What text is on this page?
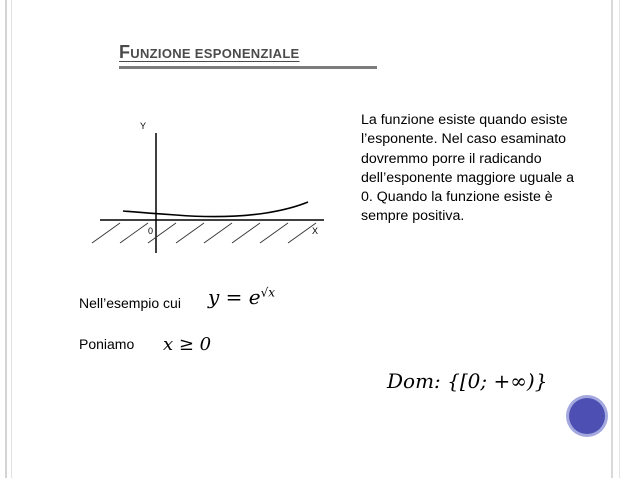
FUNZIONE ESPONENZIALE
Y
X
0
La funzione esiste quando esiste l’esponente. Nel caso esaminato dovremmo porre il radicando dell’esponente maggiore uguale a 0. Quando la funzione esiste è sempre positiva.
Nell’esempio cui $y = e^{√x}$
Poniamo x ≥ 0
Dom: {[0; +∞)}
